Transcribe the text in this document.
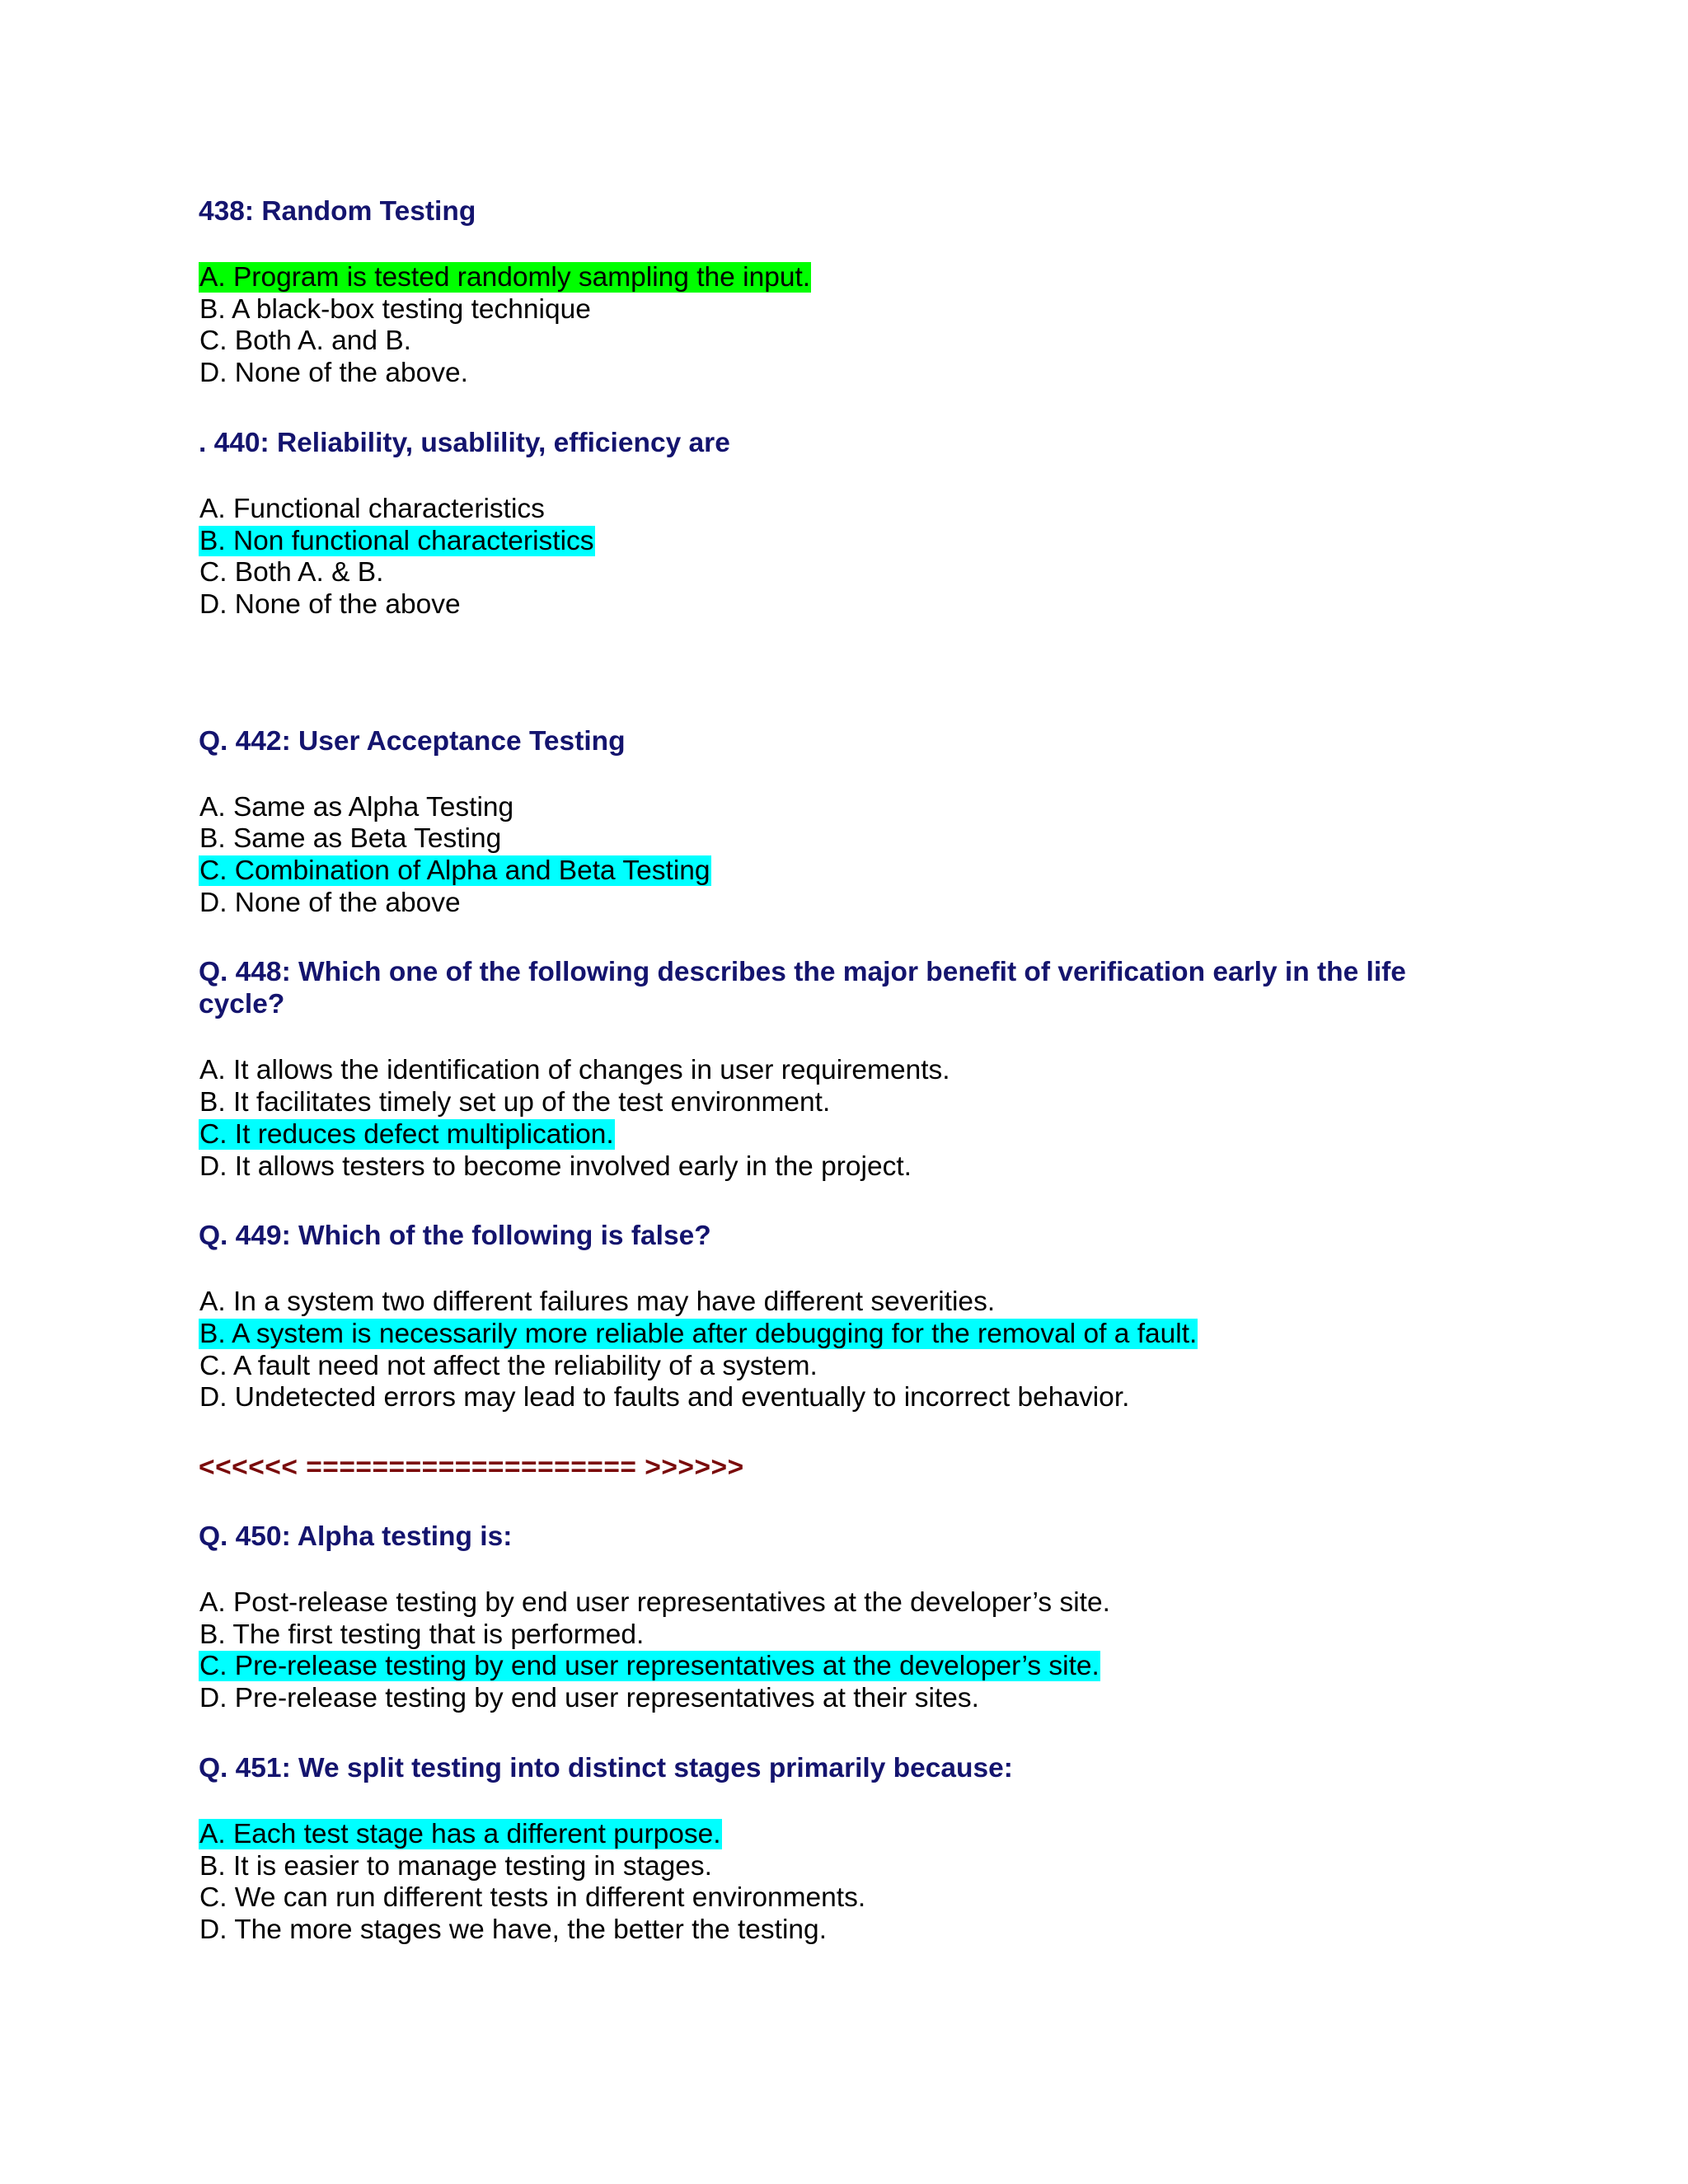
438: Random Testing
A. Program is tested randomly sampling the input.
B. A black-box testing technique
C. Both A. and B.
D. None of the above.
. 440: Reliability, usablility, efficiency are
A. Functional characteristics
B. Non functional characteristics
C. Both A. & B.
D. None of the above
Q. 442: User Acceptance Testing
A. Same as Alpha Testing
B. Same as Beta Testing
C. Combination of Alpha and Beta Testing
D. None of the above
Q. 448: Which one of the following describes the major benefit of verification early in the life
cycle?
A. It allows the identification of changes in user requirements.
B. It facilitates timely set up of the test environment.
C. It reduces defect multiplication.
D. It allows testers to become involved early in the project.
Q. 449: Which of the following is false?
A. In a system two different failures may have different severities.
B. A system is necessarily more reliable after debugging for the removal of a fault.
C. A fault need not affect the reliability of a system.
D. Undetected errors may lead to faults and eventually to incorrect behavior.
<<<<<< ==================== >>>>>>
Q. 450: Alpha testing is:
A. Post-release testing by end user representatives at the developer’s site.
B. The first testing that is performed.
C. Pre-release testing by end user representatives at the developer’s site.
D. Pre-release testing by end user representatives at their sites.
Q. 451: We split testing into distinct stages primarily because:
A. Each test stage has a different purpose.
B. It is easier to manage testing in stages.
C. We can run different tests in different environments.
D. The more stages we have, the better the testing.
